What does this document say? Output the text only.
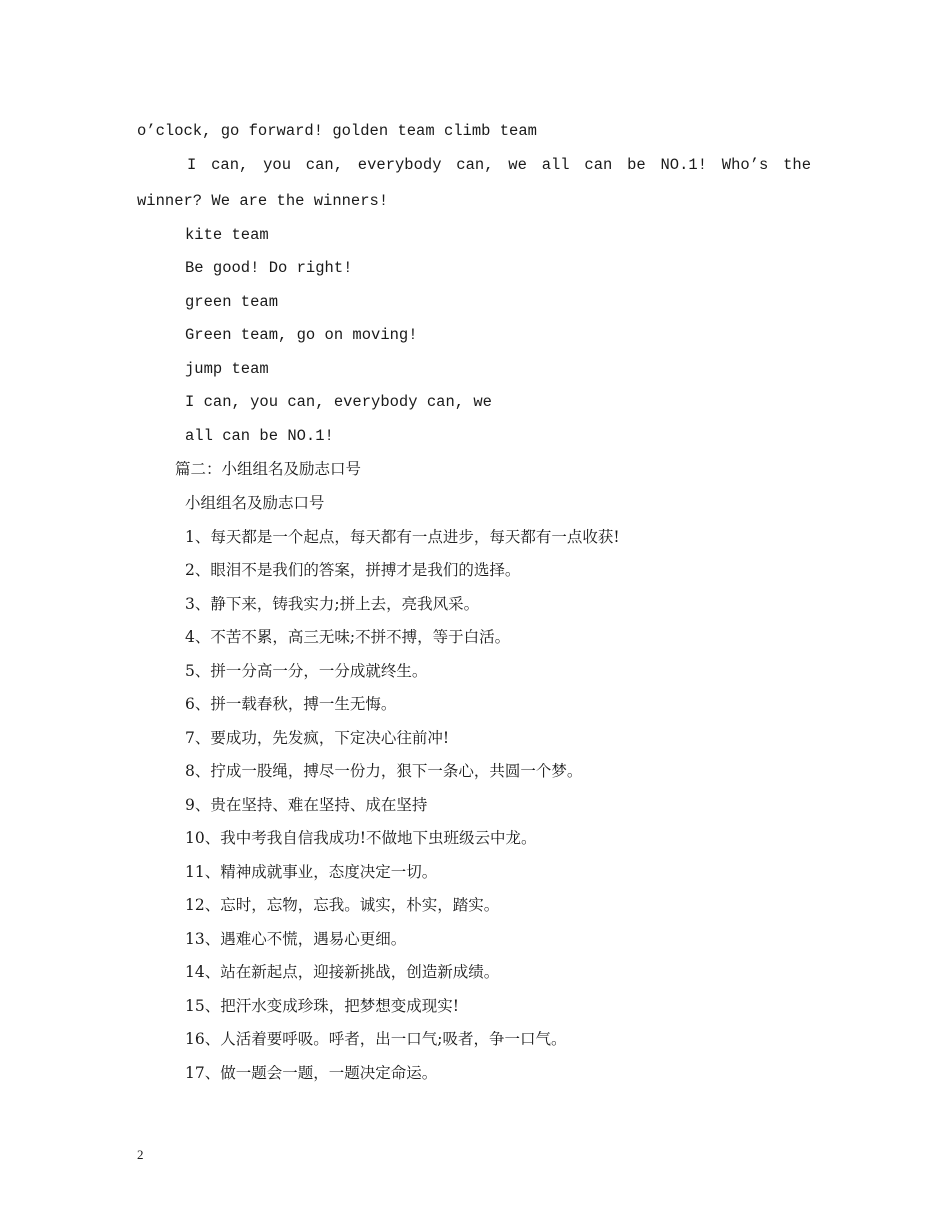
o’clock, go forward! golden team climb team
I can, you can, everybody can, we all can be NO.1! Who’s the
winner? We are the winners!
kite team
Be good! Do right!
green team
Green team, go on moving!
jump team
I can, you can, everybody can, we
all can be NO.1!
篇二：小组组名及励志口号
小组组名及励志口号
1、每天都是一个起点，每天都有一点进步，每天都有一点收获!
2、眼泪不是我们的答案，拼搏才是我们的选择。
3、静下来，铸我实力;拼上去，亮我风采。
4、不苦不累，高三无味;不拼不搏，等于白活。
5、拼一分高一分，一分成就终生。
6、拼一载春秋，搏一生无悔。
7、要成功，先发疯，下定决心往前冲!
8、拧成一股绳，搏尽一份力，狠下一条心，共圆一个梦。
9、贵在坚持、难在坚持、成在坚持
10、我中考我自信我成功!不做地下虫班级云中龙。
11、精神成就事业，态度决定一切。
12、忘时，忘物，忘我。诚实，朴实，踏实。
13、遇难心不慌，遇易心更细。
14、站在新起点，迎接新挑战，创造新成绩。
15、把汗水变成珍珠，把梦想变成现实!
16、人活着要呼吸。呼者，出一口气;吸者，争一口气。
17、做一题会一题，一题决定命运。
2
